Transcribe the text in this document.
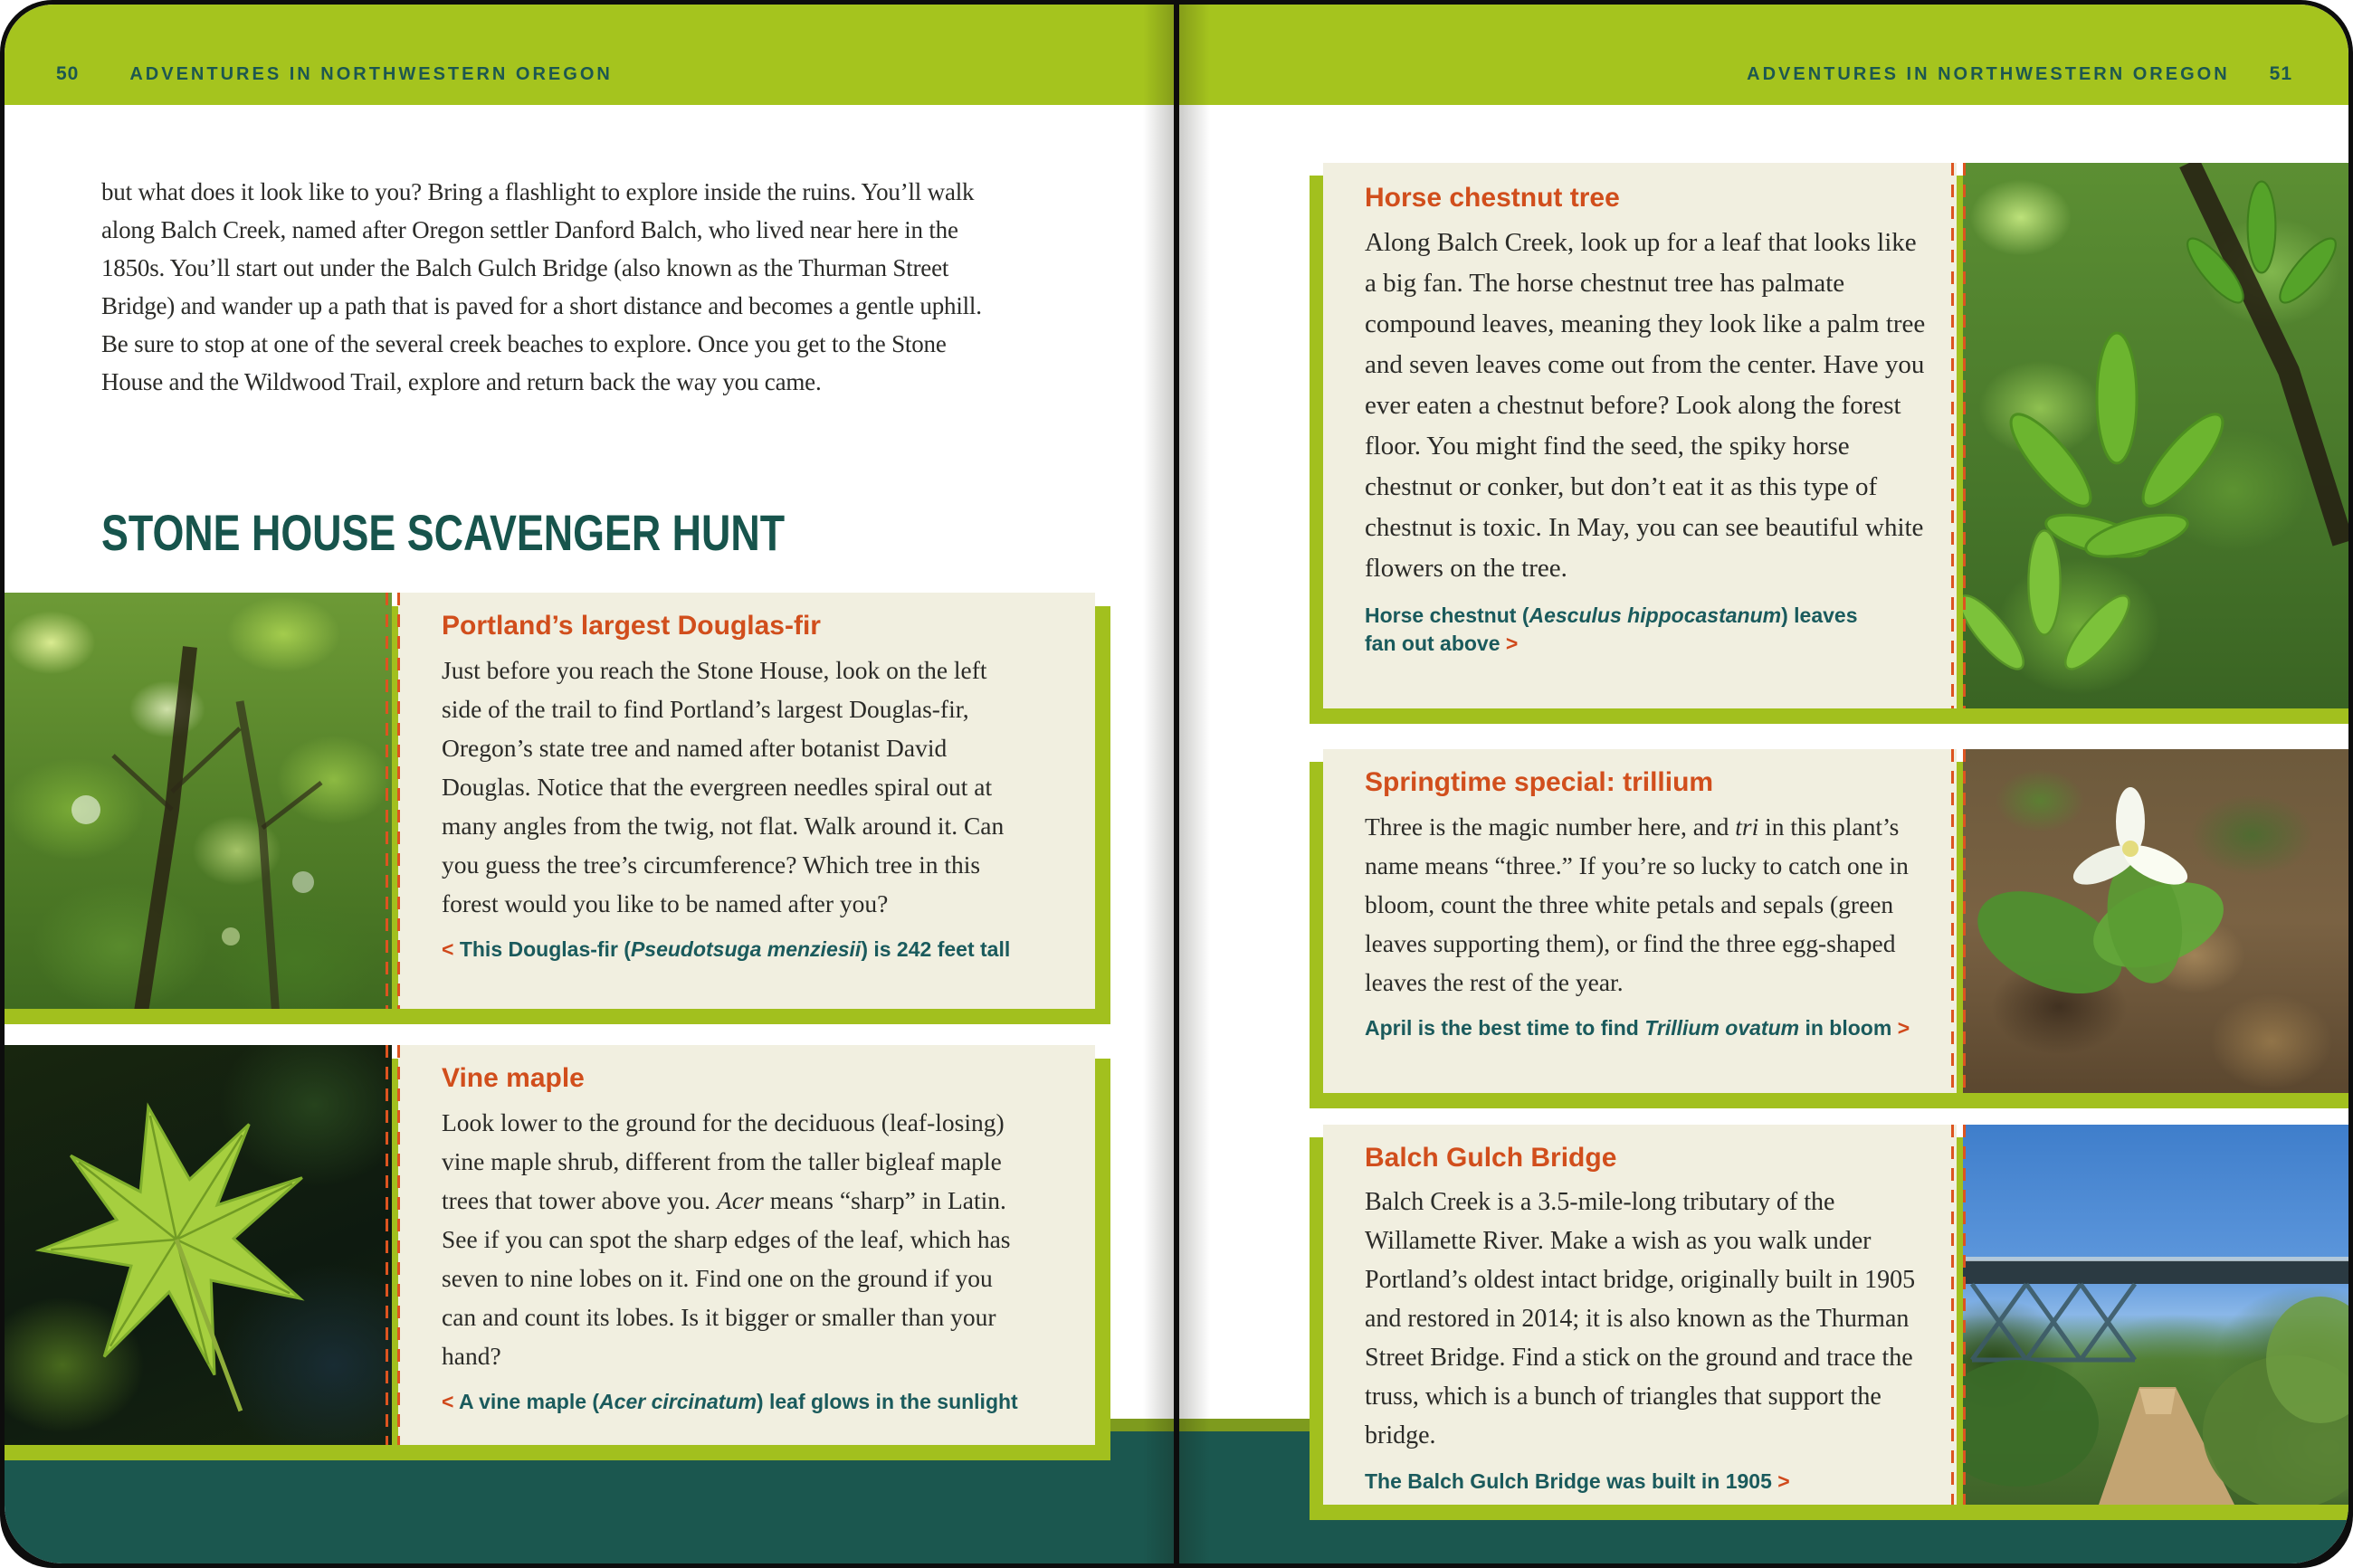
50	ADVENTURES IN NORTHWESTERN OREGON

but what does it look like to you? Bring a flashlight to explore inside the ruins. You’ll walk along Balch Creek, named after Oregon settler Danford Balch, who lived near here in the 1850s. You’ll start out under the Balch Gulch Bridge (also known as the Thurman Street Bridge) and wander up a path that is paved for a short distance and becomes a gentle uphill. Be sure to stop at one of the several creek beaches to explore. Once you get to the Stone House and the Wildwood Trail, explore and return back the way you came.

STONE HOUSE SCAVENGER HUNT
Portland’s largest Douglas-fir

Just before you reach the Stone House, look on the left side of the trail to find Portland’s largest Douglas-fir, Oregon’s state tree and named after botanist David Douglas. Notice that the evergreen needles spiral out at many angles from the twig, not flat. Walk around it. Can you guess the tree’s circumference? Which tree in this forest would you like to be named after you?

< This Douglas-fir (Pseudotsuga menziesii) is 242 feet tall

Vine maple

Look lower to the ground for the deciduous (leaf-losing) vine maple shrub, different from the taller bigleaf maple trees that tower above you. Acer means “sharp” in Latin. See if you can spot the sharp edges of the leaf, which has seven to nine lobes on it. Find one on the ground if you can and count its lobes. Is it bigger or smaller than your hand?

< A vine maple (Acer circinatum) leaf glows in the sunlight

ADVENTURES IN NORTHWESTERN OREGON 51
Horse chestnut tree

Along Balch Creek, look up for a leaf that looks like a big fan. The horse chestnut tree has palmate compound leaves, meaning they look like a palm tree and seven leaves come out from the center. Have you ever eaten a chestnut before? Look along the forest floor. You might find the seed, the spiky horse chestnut or conker, but don’t eat it as this type of chestnut is toxic. In May, you can see beautiful white flowers on the tree.

Horse chestnut (Aesculus hippocastanum) leaves fan out above >

Springtime special: trillium

Three is the magic number here, and tri in this plant’s name means “three.” If you’re so lucky to catch one in bloom, count the three white petals and sepals (green leaves supporting them), or find the three egg-shaped leaves the rest of the year.

April is the best time to find Trillium ovatum in bloom >

Balch Gulch Bridge

Balch Creek is a 3.5-mile-long tributary of the Willamette River. Make a wish as you walk under Portland’s oldest intact bridge, originally built in 1905 and restored in 2014; it is also known as the Thurman Street Bridge. Find a stick on the ground and trace the truss, which is a bunch of triangles that support the bridge.

The Balch Gulch Bridge was built in 1905 >
